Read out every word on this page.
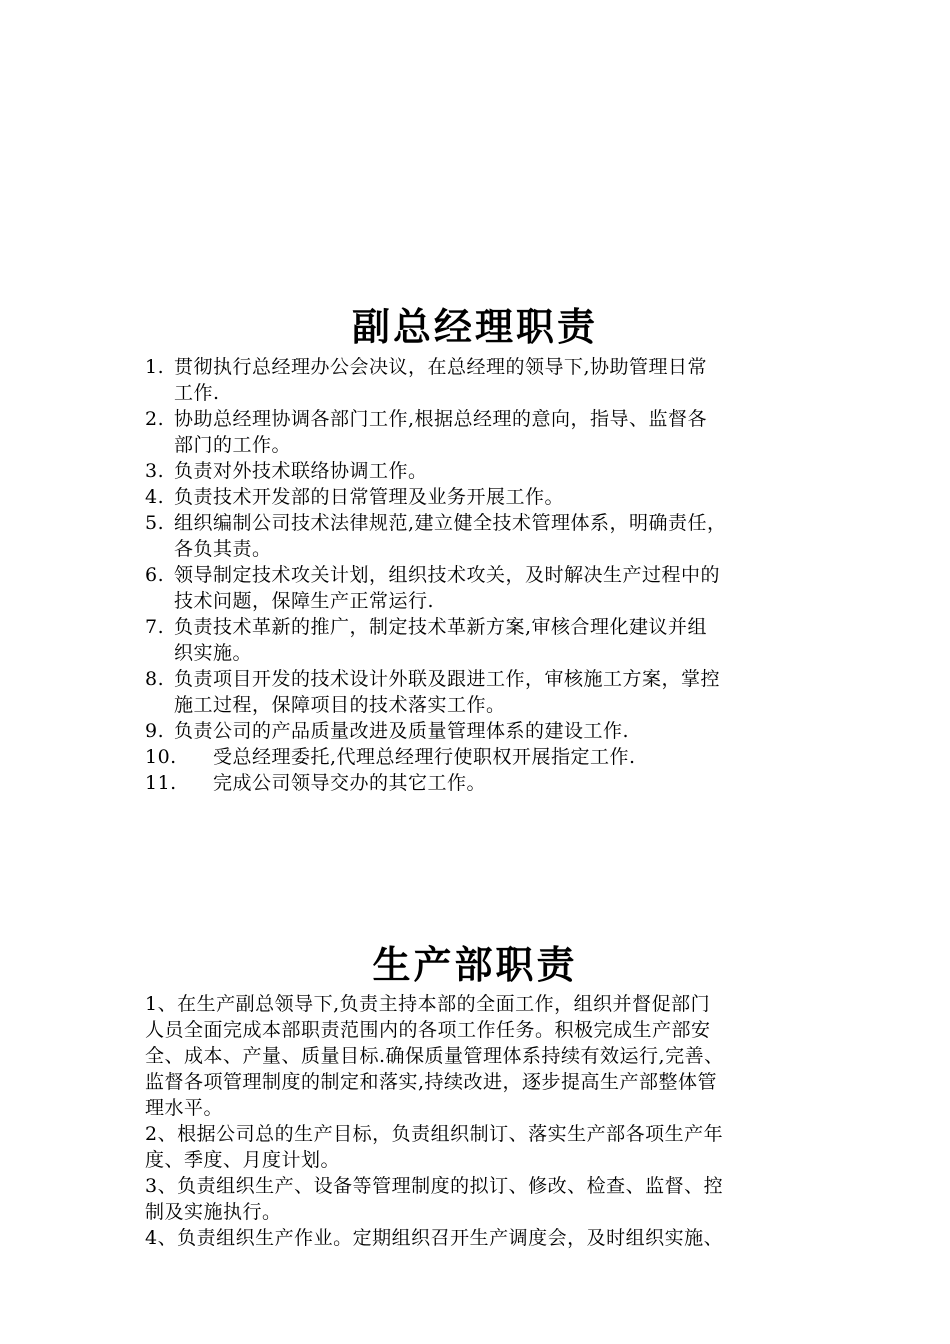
副总经理职责
1. 贯彻执行总经理办公会决议，在总经理的领导下,协助管理日常
工作.
2. 协助总经理协调各部门工作,根据总经理的意向，指导、监督各
部门的工作。
3. 负责对外技术联络协调工作。
4. 负责技术开发部的日常管理及业务开展工作。
5. 组织编制公司技术法律规范,建立健全技术管理体系，明确责任，
各负其责。
6. 领导制定技术攻关计划，组织技术攻关，及时解决生产过程中的
技术问题，保障生产正常运行.
7. 负责技术革新的推广，制定技术革新方案,审核合理化建议并组
织实施。
8. 负责项目开发的技术设计外联及跟进工作，审核施工方案，掌控
施工过程，保障项目的技术落实工作。
9. 负责公司的产品质量改进及质量管理体系的建设工作.
10.	受总经理委托,代理总经理行使职权开展指定工作.
11.	完成公司领导交办的其它工作。
生产部职责
1、在生产副总领导下,负责主持本部的全面工作，组织并督促部门
人员全面完成本部职责范围内的各项工作任务。积极完成生产部安
全、成本、产量、质量目标.确保质量管理体系持续有效运行,完善、
监督各项管理制度的制定和落实,持续改进，逐步提高生产部整体管
理水平。
2、根据公司总的生产目标，负责组织制订、落实生产部各项生产年
度、季度、月度计划。
3、负责组织生产、设备等管理制度的拟订、修改、检查、监督、控
制及实施执行。
4、负责组织生产作业。定期组织召开生产调度会，及时组织实施、
